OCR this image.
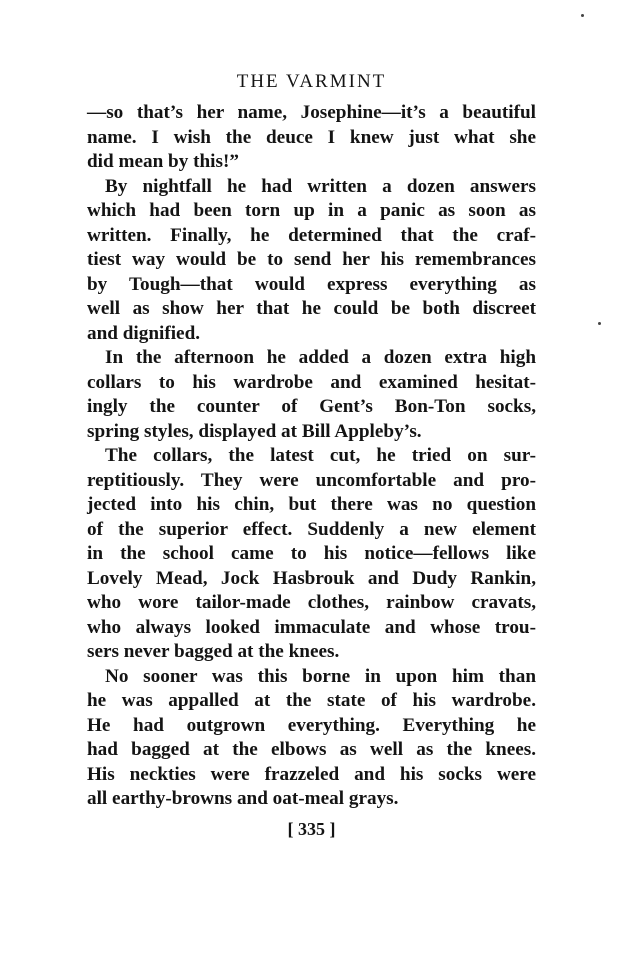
THE VARMINT
—so that’s her name, Josephine—it’s a beautiful
name. I wish the deuce I knew just what she
did mean by this!”
By nightfall he had written a dozen answers
which had been torn up in a panic as soon as
written. Finally, he determined that the craf-
tiest way would be to send her his remembrances
by Tough—that would express everything as
well as show her that he could be both discreet
and dignified.
In the afternoon he added a dozen extra high
collars to his wardrobe and examined hesitat-
ingly the counter of Gent’s Bon-Ton socks,
spring styles, displayed at Bill Appleby’s.
The collars, the latest cut, he tried on sur-
reptitiously. They were uncomfortable and pro-
jected into his chin, but there was no question
of the superior effect. Suddenly a new element
in the school came to his notice—fellows like
Lovely Mead, Jock Hasbrouk and Dudy Rankin,
who wore tailor-made clothes, rainbow cravats,
who always looked immaculate and whose trou-
sers never bagged at the knees.
No sooner was this borne in upon him than
he was appalled at the state of his wardrobe.
He had outgrown everything. Everything he
had bagged at the elbows as well as the knees.
His neckties were frazzeled and his socks were
all earthy-browns and oat-meal grays.
[ 335 ]
